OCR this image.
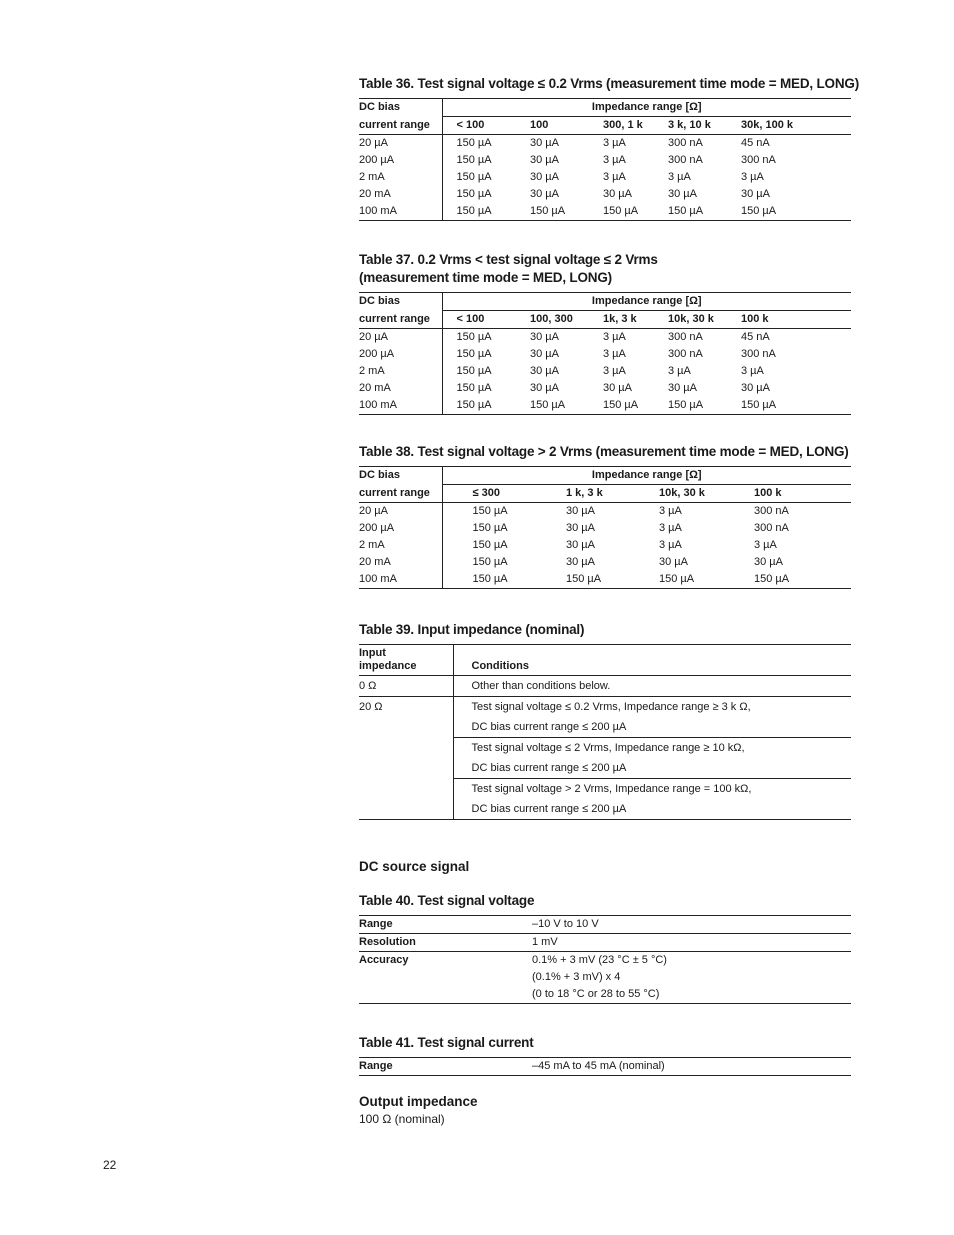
Table 36. Test signal voltage ≤ 0.2 Vrms (measurement time mode = MED, LONG)
DC bias	Impedance range [Ω]				
current range	< 100	100	300, 1 k	3 k, 10 k	30k, 100 k
20 µA	150 µA	30 µA	3 µA	300 nA	45 nA
200 µA	150 µA	30 µA	3 µA	300 nA	300 nA
2 mA	150 µA	30 µA	3 µA	3 µA	3 µA
20 mA	150 µA	30 µA	30 µA	30 µA	30 µA
100 mA	150 µA	150 µA	150 µA	150 µA	150 µA
Table 37. 0.2 Vrms < test signal voltage ≤ 2 Vrms
(measurement time mode = MED, LONG)
DC bias	Impedance range [Ω]				
current range	< 100	100, 300	1k, 3 k	10k, 30 k	100 k
20 µA	150 µA	30 µA	3 µA	300 nA	45 nA
200 µA	150 µA	30 µA	3 µA	300 nA	300 nA
2 mA	150 µA	30 µA	3 µA	3 µA	3 µA
20 mA	150 µA	30 µA	30 µA	30 µA	30 µA
100 mA	150 µA	150 µA	150 µA	150 µA	150 µA
Table 38. Test signal voltage > 2 Vrms (measurement time mode = MED, LONG)
DC bias	Impedance range [Ω]			
current range	≤ 300	1 k, 3 k	10k, 30 k	100 k
20 µA	150 µA	30 µA	3 µA	300 nA
200 µA	150 µA	30 µA	3 µA	300 nA
2 mA	150 µA	30 µA	3 µA	3 µA
20 mA	150 µA	30 µA	30 µA	30 µA
100 mA	150 µA	150 µA	150 µA	150 µA
Table 39. Input impedance (nominal)
Input
impedance	Conditions
0 Ω	Other than conditions below.
20 Ω	Test signal voltage ≤ 0.2 Vrms, Impedance range ≥ 3 k Ω,
	DC bias current range ≤ 200 µA
	Test signal voltage ≤ 2 Vrms, Impedance range ≥ 10 kΩ,
	DC bias current range ≤ 200 µA
	Test signal voltage > 2 Vrms, Impedance range = 100 kΩ,
	DC bias current range ≤ 200 µA
DC source signal
Table 40. Test signal voltage
Range	–10 V to 10 V
Resolution	1 mV
Accuracy	0.1% + 3 mV (23 °C ± 5 °C)
	(0.1% + 3 mV) x 4
	(0 to 18 °C or 28 to 55 °C)
Table 41. Test signal current
Range	–45 mA to 45 mA (nominal)
Output impedance
100 Ω (nominal)
22
